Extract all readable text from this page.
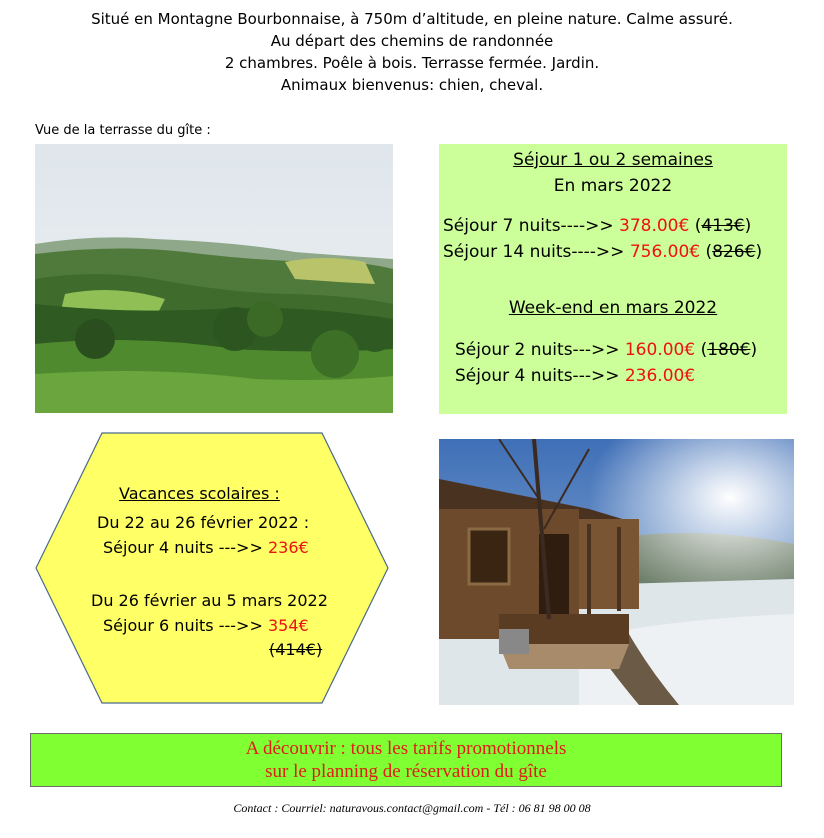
Situé en Montagne Bourbonnaise, à 750m d’altitude, en pleine nature. Calme assuré.
Au départ des chemins de randonnée
2 chambres. Poêle à bois. Terrasse fermée. Jardin.
Animaux bienvenus: chien, cheval.
Vue de la terrasse du gîte :
Séjour 1 ou 2 semaines
En mars 2022
Séjour 7 nuits---->> 378.00€ (413€)
Séjour 14 nuits---->> 756.00€ (826€)
Week-end en mars 2022
Séjour 2 nuits--->> 160.00€ (180€)
Séjour 4 nuits--->> 236.00€
Vacances scolaires :
Du 22 au 26 février 2022 :
Séjour 4 nuits --->> 236€
Du 26 février au 5 mars 2022
Séjour 6 nuits --->> 354€
(414€)
A découvrir : tous les tarifs promotionnels
sur le planning de réservation du gîte
Contact : Courriel: naturavous.contact@gmail.com - Tél : 06 81 98 00 08
